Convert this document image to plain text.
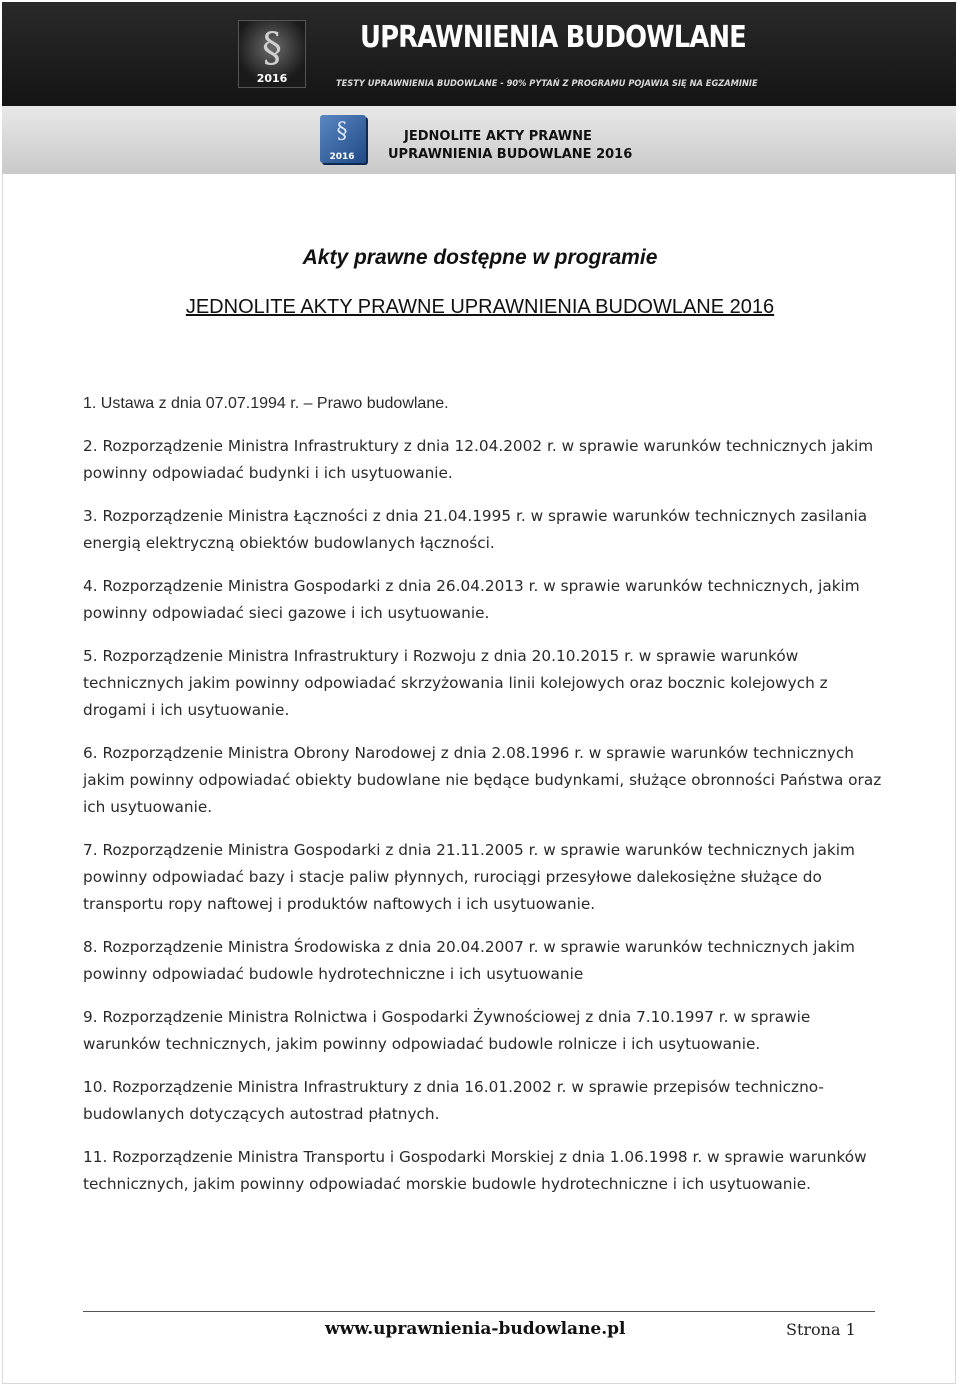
§
2016
UPRAWNIENIA BUDOWLANE
TESTY UPRAWNIENIA BUDOWLANE - 90% PYTAŃ Z PROGRAMU POJAWIA SIĘ NA EGZAMINIE
§
2016
JEDNOLITE AKTY PRAWNE
UPRAWNIENIA BUDOWLANE 2016
Akty prawne dostępne w programie
JEDNOLITE AKTY PRAWNE UPRAWNIENIA BUDOWLANE 2016

1. Ustawa z dnia 07.07.1994 r. – Prawo budowlane.

2. Rozporządzenie Ministra Infrastruktury z dnia 12.04.2002 r. w sprawie warunków technicznych jakim powinny odpowiadać budynki i ich usytuowanie.

3. Rozporządzenie Ministra Łączności z dnia 21.04.1995 r. w sprawie warunków technicznych zasilania energią elektryczną obiektów budowlanych łączności.

4. Rozporządzenie Ministra Gospodarki z dnia 26.04.2013 r. w sprawie warunków technicznych, jakim powinny odpowiadać sieci gazowe i ich usytuowanie.

5. Rozporządzenie Ministra Infrastruktury i Rozwoju z dnia 20.10.2015 r. w sprawie warunków technicznych jakim powinny odpowiadać skrzyżowania linii kolejowych oraz bocznic kolejowych z drogami i ich usytuowanie.

6. Rozporządzenie Ministra Obrony Narodowej z dnia 2.08.1996 r. w sprawie warunków technicznych jakim powinny odpowiadać obiekty budowlane nie będące budynkami, służące obronności Państwa oraz ich usytuowanie.

7. Rozporządzenie Ministra Gospodarki z dnia 21.11.2005 r. w sprawie warunków technicznych jakim powinny odpowiadać bazy i stacje paliw płynnych, rurociągi przesyłowe dalekosiężne służące do transportu ropy naftowej i produktów naftowych i ich usytuowanie.

8. Rozporządzenie Ministra Środowiska z dnia 20.04.2007 r. w sprawie warunków technicznych jakim powinny odpowiadać budowle hydrotechniczne i ich usytuowanie

9. Rozporządzenie Ministra Rolnictwa i Gospodarki Żywnościowej z dnia 7.10.1997 r. w sprawie warunków technicznych, jakim powinny odpowiadać budowle rolnicze i ich usytuowanie.

10. Rozporządzenie Ministra Infrastruktury z dnia 16.01.2002 r. w sprawie przepisów techniczno-budowlanych dotyczących autostrad płatnych.

11. Rozporządzenie Ministra Transportu i Gospodarki Morskiej z dnia 1.06.1998 r. w sprawie warunków technicznych, jakim powinny odpowiadać morskie budowle hydrotechniczne i ich usytuowanie.

www.uprawnienia-budowlane.pl	Strona 1
